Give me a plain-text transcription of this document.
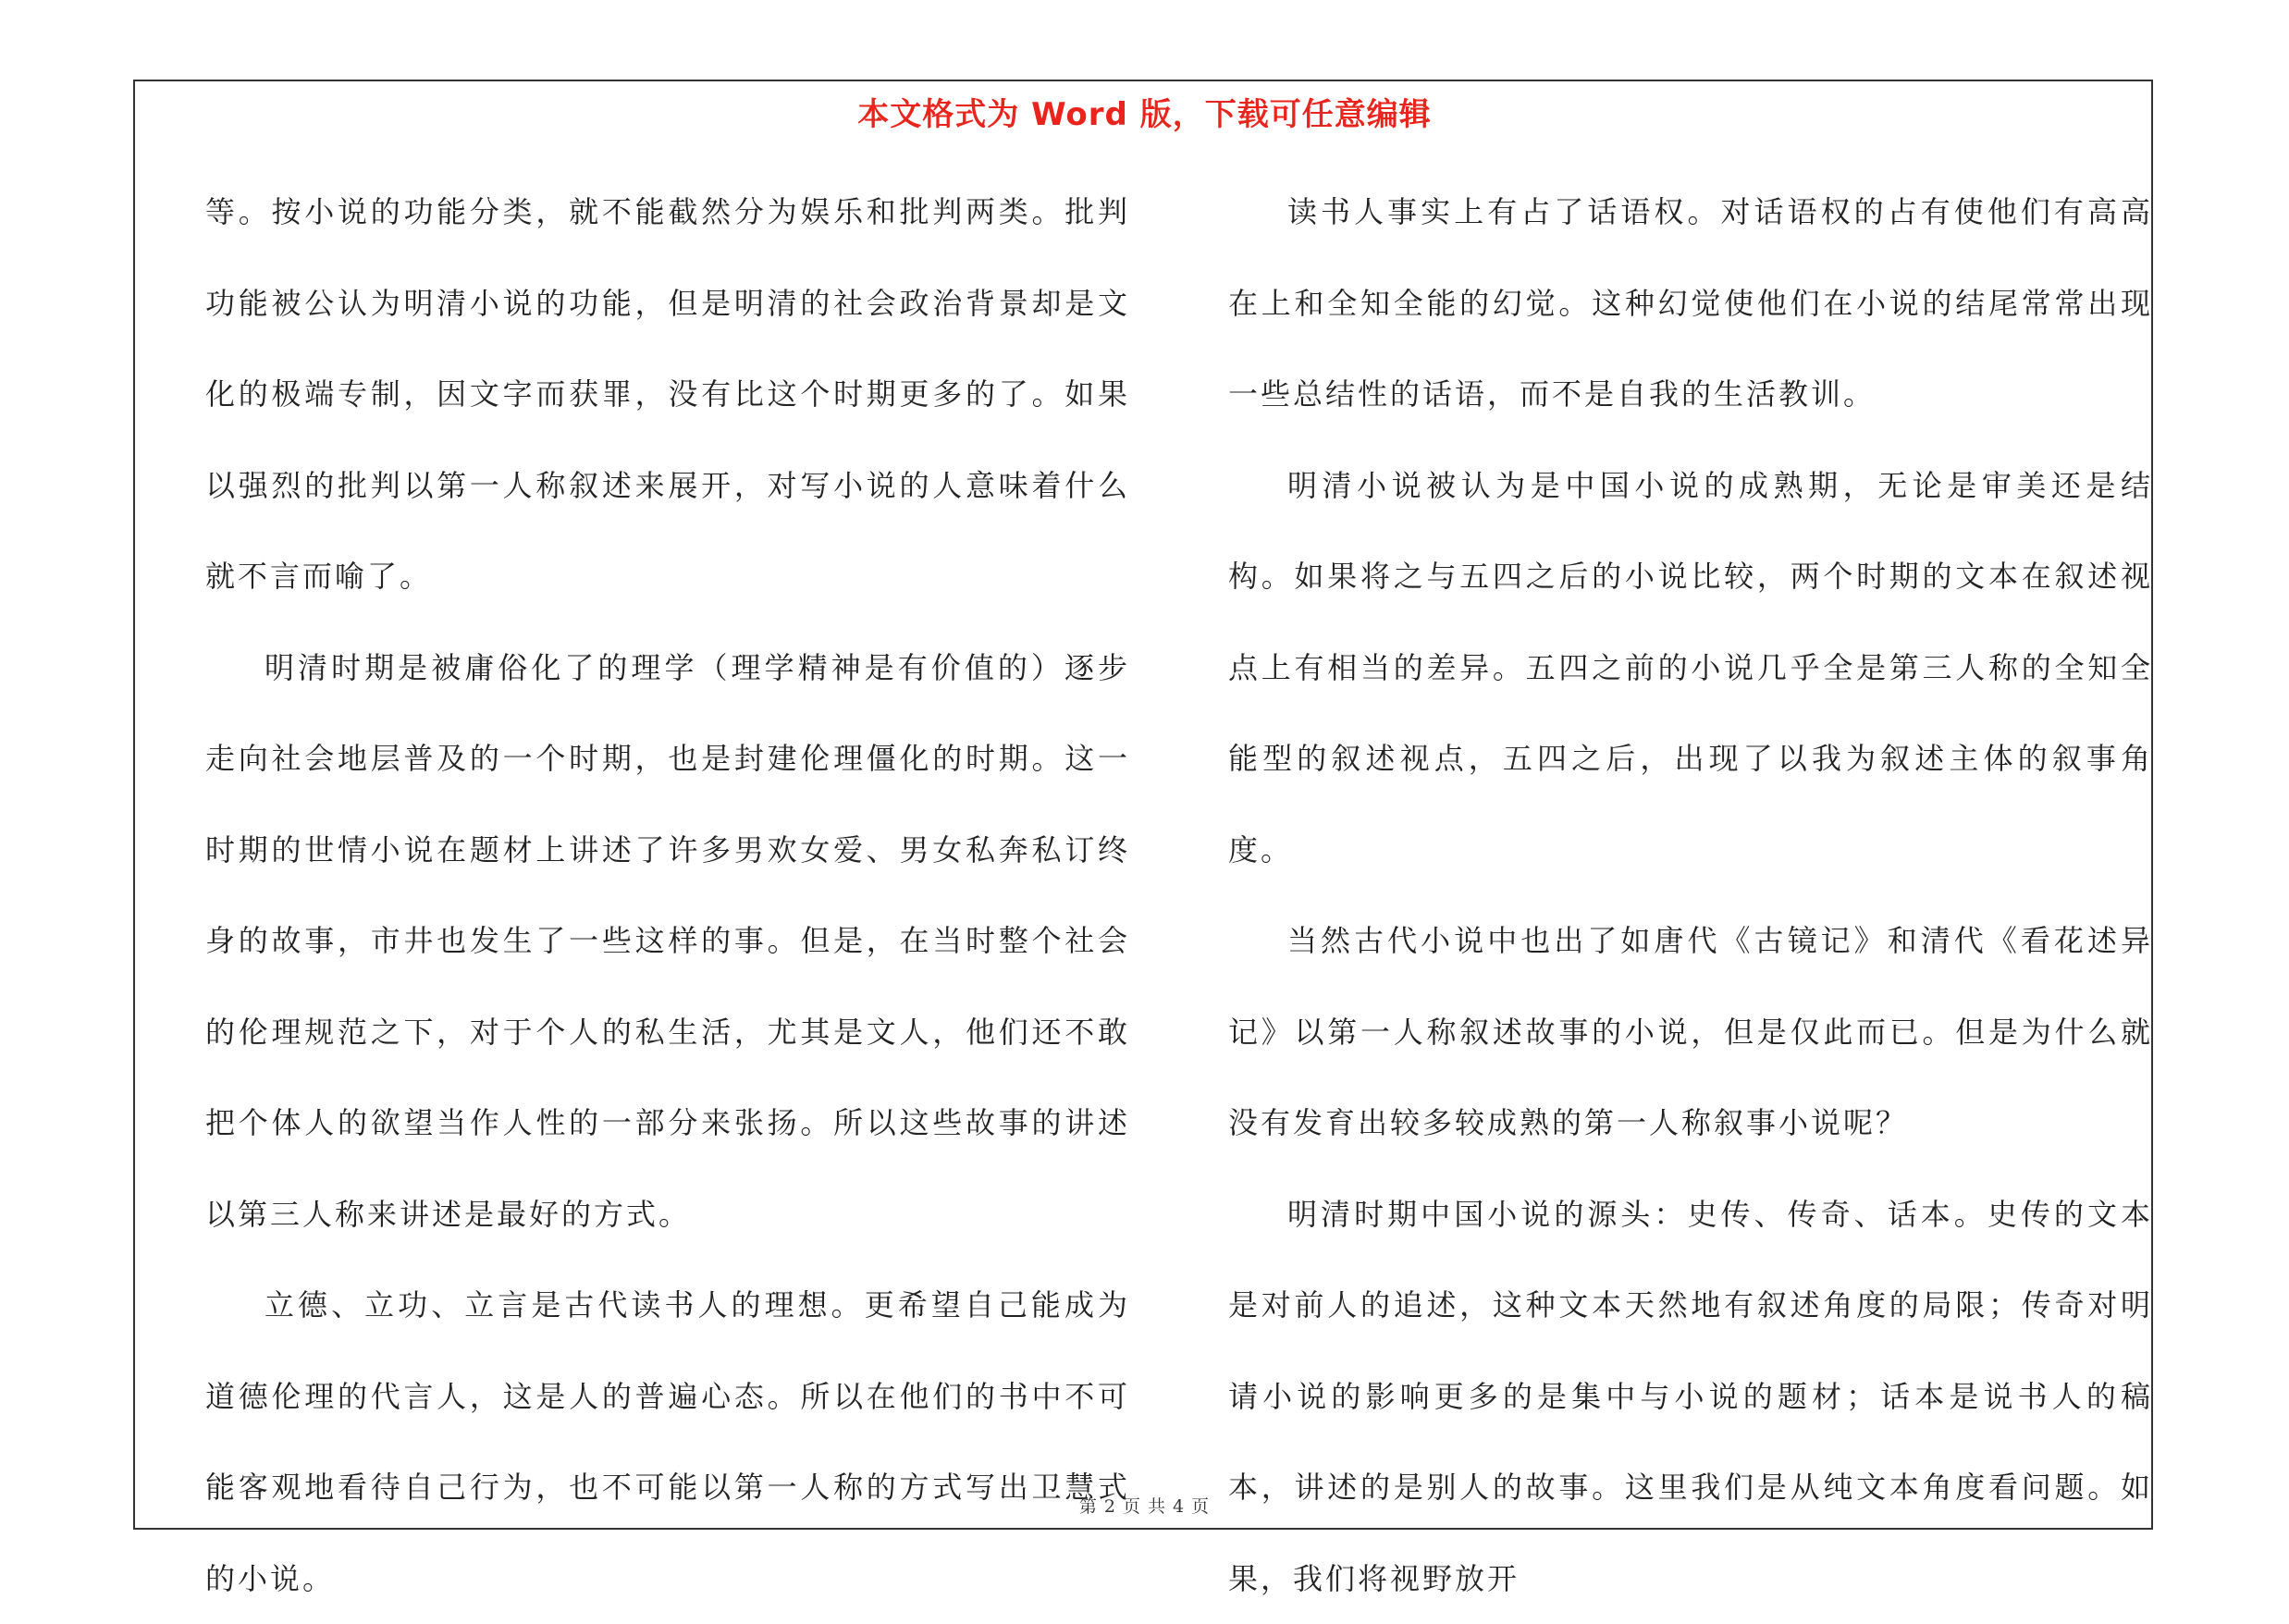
本文格式为 Word 版，下载可任意编辑

等。按小说的功能分类，就不能截然分为娱乐和批判两类。批判功能被公认为明清小说的功能，但是明清的社会政治背景却是文化的极端专制，因文字而获罪，没有比这个时期更多的了。如果以强烈的批判以第一人称叙述来展开，对写小说的人意味着什么就不言而喻了。

明清时期是被庸俗化了的理学（理学精神是有价值的）逐步走向社会地层普及的一个时期，也是封建伦理僵化的时期。这一时期的世情小说在题材上讲述了许多男欢女爱、男女私奔私订终身的故事，市井也发生了一些这样的事。但是，在当时整个社会的伦理规范之下，对于个人的私生活，尤其是文人，他们还不敢把个体人的欲望当作人性的一部分来张扬。所以这些故事的讲述以第三人称来讲述是最好的方式。

立德、立功、立言是古代读书人的理想。更希望自己能成为道德伦理的代言人，这是人的普遍心态。所以在他们的书中不可能客观地看待自己行为，也不可能以第一人称的方式写出卫慧式的小说。

读书人事实上有占了话语权。对话语权的占有使他们有高高在上和全知全能的幻觉。这种幻觉使他们在小说的结尾常常出现一些总结性的话语，而不是自我的生活教训。

明清小说被认为是中国小说的成熟期，无论是审美还是结构。如果将之与五四之后的小说比较，两个时期的文本在叙述视点上有相当的差异。五四之前的小说几乎全是第三人称的全知全能型的叙述视点，五四之后，出现了以我为叙述主体的叙事角度。

当然古代小说中也出了如唐代《古镜记》和清代《看花述异记》以第一人称叙述故事的小说，但是仅此而已。但是为什么就没有发育出较多较成熟的第一人称叙事小说呢？

明清时期中国小说的源头：史传、传奇、话本。史传的文本是对前人的追述，这种文本天然地有叙述角度的局限；传奇对明请小说的影响更多的是集中与小说的题材；话本是说书人的稿本，讲述的是别人的故事。这里我们是从纯文本角度看问题。如果，我们将视野放开

第 2 页 共 4 页
